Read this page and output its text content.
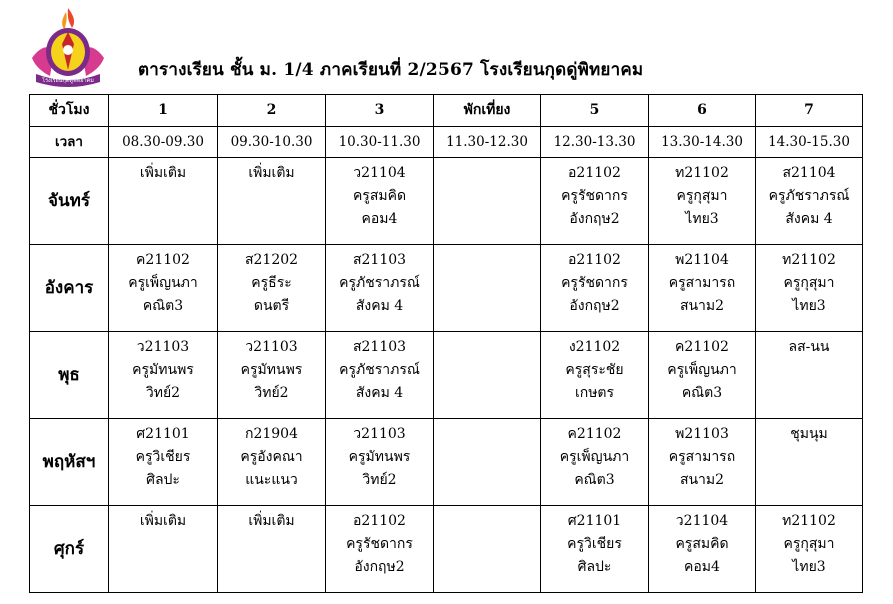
โรงเรียนกุดดู่พิทยาคม
ตารางเรียน ชั้น ม. 1/4 ภาคเรียนที่ 2/2567 โรงเรียนกุดดู่พิทยาคม
ชั่วโมง	1	2	3	พักเที่ยง	5	6	7
เวลา	08.30-09.30	09.30-10.30	10.30-11.30	11.30-12.30	12.30-13.30	13.30-14.30	14.30-15.30
จันทร์	เพิ่มเติม	เพิ่มเติม	ว21104
ครูสมคิด
คอม4		อ21102
ครูรัชดากร
อังกฤษ2	ท21102
ครูกุสุมา
ไทย3	ส21104
ครูภัชราภรณ์
สังคม 4

อังคาร	ค21102
ครูเพ็ญนภา
คณิต3	ส21202
ครูธีระ
ดนตรี	ส21103
ครูภัชราภรณ์
สังคม 4		อ21102
ครูรัชดากร
อังกฤษ2	พ21104
ครูสามารถ
สนาม2	ท21102
ครูกุสุมา
ไทย3

พุธ	ว21103
ครูมัทนพร
วิทย์2	ว21103
ครูมัทนพร
วิทย์2	ส21103
ครูภัชราภรณ์
สังคม 4		ง21102
ครูสุระชัย
เกษตร	ค21102
ครูเพ็ญนภา
คณิต3	ลส-นน

พฤหัสฯ	ศ21101
ครูวิเชียร
ศิลปะ	ก21904
ครูอังคณา
แนะแนว	ว21103
ครูมัทนพร
วิทย์2		ค21102
ครูเพ็ญนภา
คณิต3	พ21103
ครูสามารถ
สนาม2	ชุมนุม

ศุกร์	เพิ่มเติม	เพิ่มเติม	อ21102
ครูรัชดากร
อังกฤษ2		ศ21101
ครูวิเชียร
ศิลปะ	ว21104
ครูสมคิด
คอม4	ท21102
ครูกุสุมา
ไทย3
